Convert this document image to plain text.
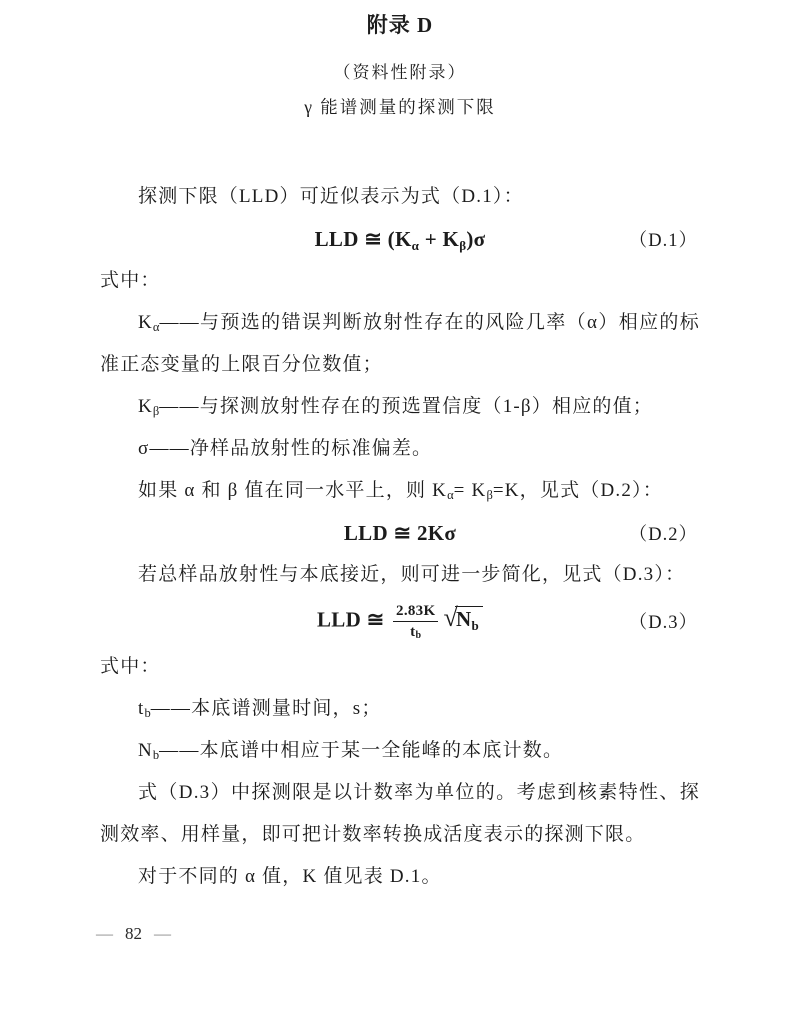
附录 D
（资料性附录）
γ 能谱测量的探测下限

探测下限（LLD）可近似表示为式（D.1）：

LLD ≅ $(K_\alpha + K_\beta)\sigma$	（D.1）

式中：

$K_\alpha——$与预选的错误判断放射性存在的风险几率（α）相应的标准正态变量的上限百分位数值；

$K_\beta——$与探测放射性存在的预选置信度（1-β）相应的值；

σ——净样品放射性的标准偏差。

如果 α 和 β 值在同一水平上，则 $K_\alpha= K_\beta=K$，见式（D.2）：

LLD ≅ 2Kσ	（D.2）

若总样品放射性与本底接近，则可进一步简化，见式（D.3）：

LLD ≅ $\frac{2.83K}{t_b} √N_b$	（D.3）

式中：

$t_b——$本底谱测量时间，s；

$N_b——$本底谱中相应于某一全能峰的本底计数。

式（D.3）中探测限是以计数率为单位的。考虑到核素特性、探测效率、用样量，即可把计数率转换成活度表示的探测下限。

对于不同的 α 值，K 值见表 D.1。

— 82 —
